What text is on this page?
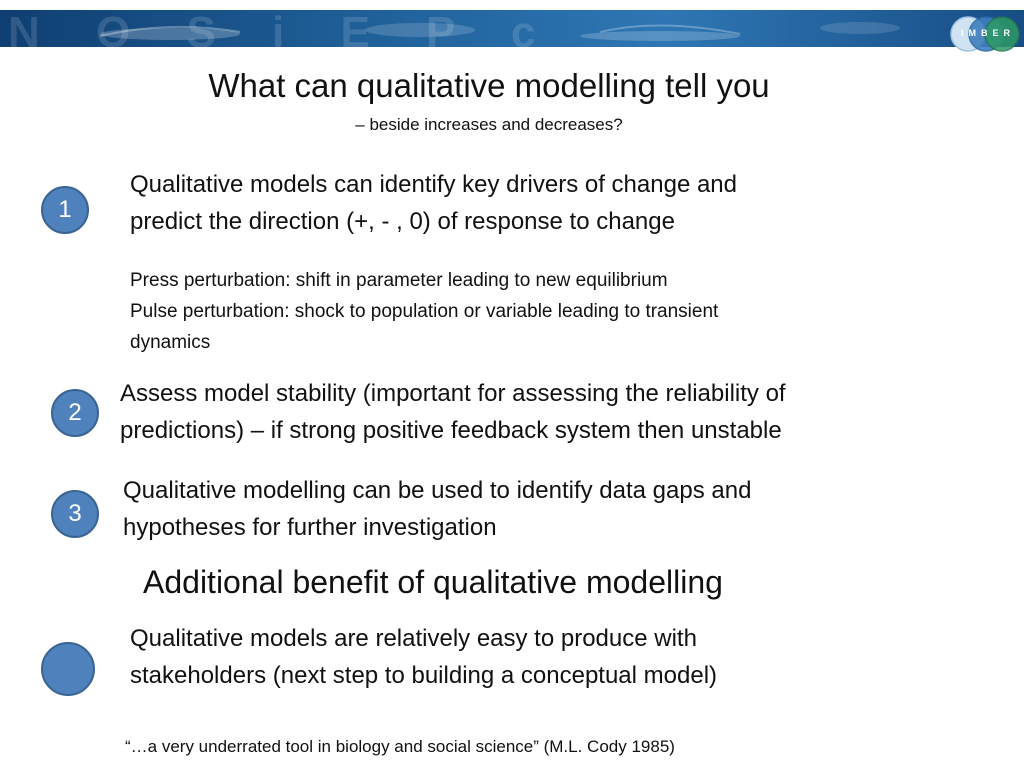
N O S i E P c	IMBER
What can qualitative modelling tell you
– beside increases and decreases?
1
Qualitative models can identify key drivers of change and
predict the direction (+, - , 0) of response to change
Press perturbation: shift in parameter leading to new equilibrium
Pulse perturbation: shock to population or variable leading to transient
dynamics
2
Assess model stability (important for assessing the reliability of
predictions) – if strong positive feedback system then unstable
3
Qualitative modelling can be used to identify data gaps and
hypotheses for further investigation
Additional benefit of qualitative modelling
Qualitative models are relatively easy to produce with
stakeholders (next step to building a conceptual model)
“…a very underrated tool in biology and social science” (M.L. Cody 1985)
